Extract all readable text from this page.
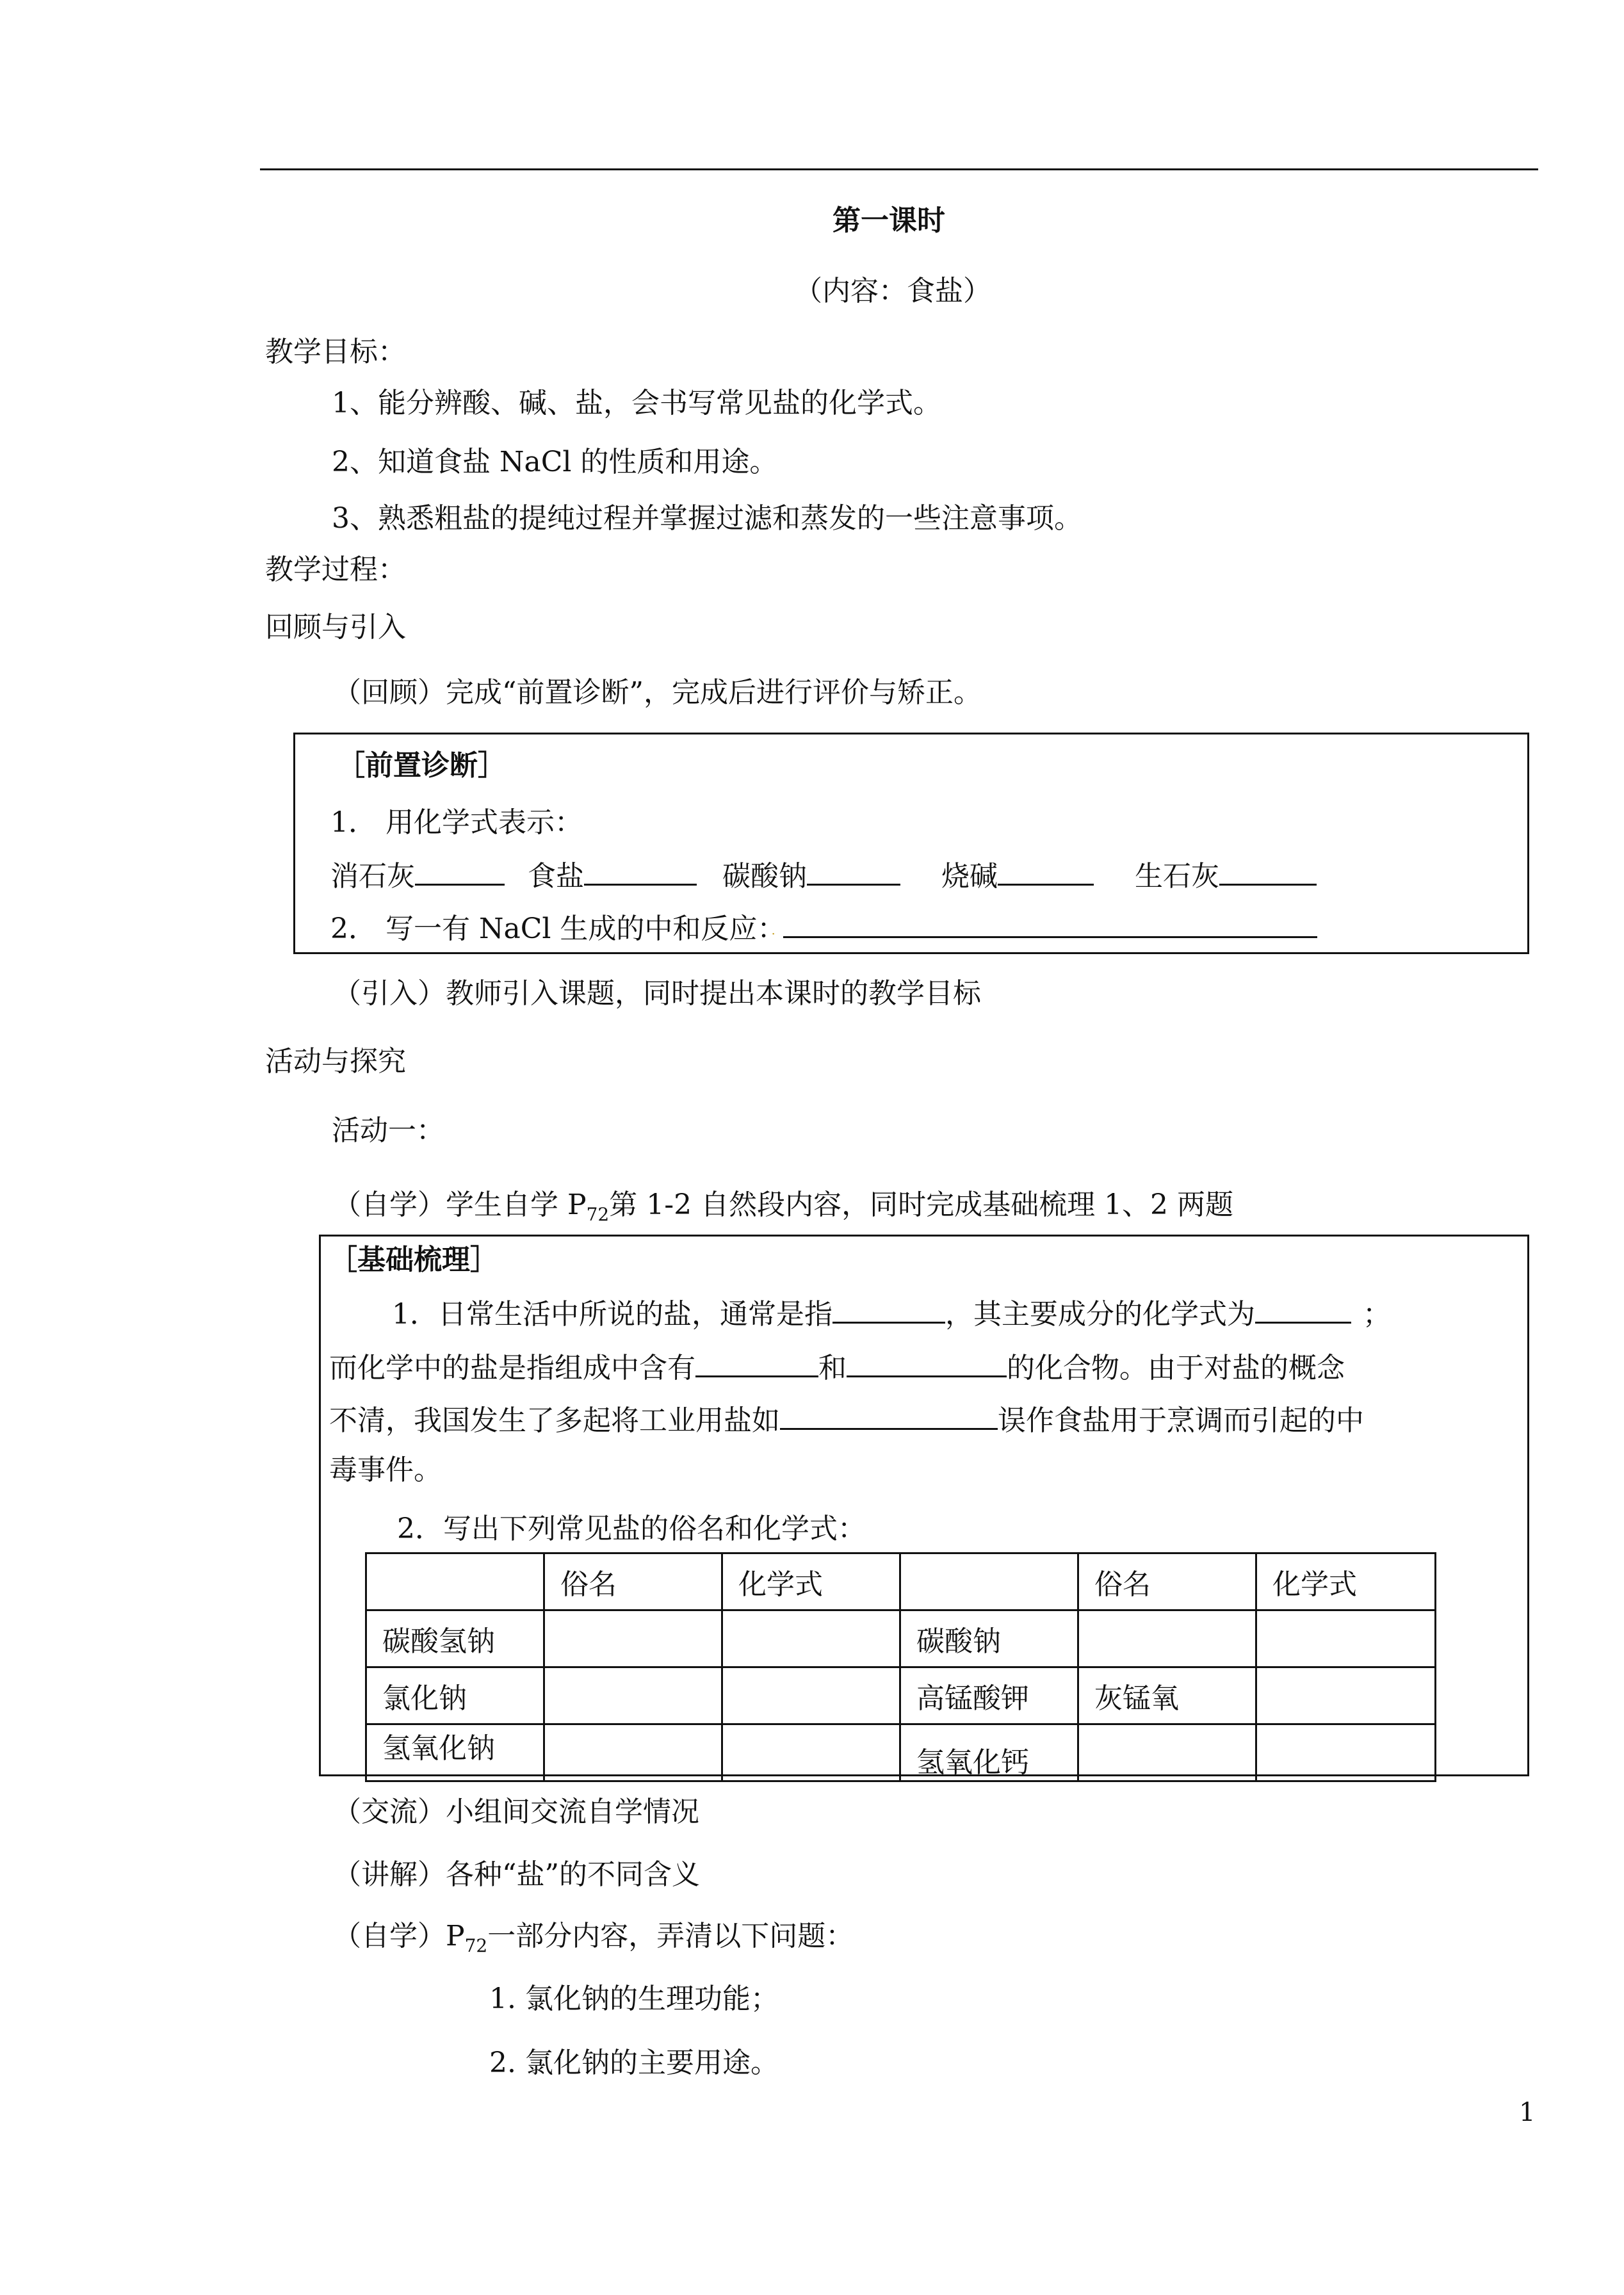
第一课时
（内容：食盐）
教学目标：
1、能分辨酸、碱、盐，会书写常见盐的化学式。
2、知道食盐 NaCl 的性质和用途。
3、熟悉粗盐的提纯过程并掌握过滤和蒸发的一些注意事项。
教学过程：
回顾与引入
（回顾）完成“前置诊断”，完成后进行评价与矫正。
［前置诊断］
1． 用化学式表示：
消石灰	食盐	碳酸钠	烧碱	生石灰
2． 写一有 NaCl 生成的中和反应：·
（引入）教师引入课题，同时提出本课时的教学目标
活动与探究
活动一：
（自学）学生自学 $P_{72}$第 1-2 自然段内容，同时完成基础梳理 1、2 两题
［基础梳理］
1．日常生活中所说的盐，通常是指	，其主要成分的化学式为	；
而化学中的盐是指组成中含有	和	的化合物。由于对盐的概念
不清，我国发生了多起将工业用盐如	误作食盐用于烹调而引起的中
毒事件。
2．写出下列常见盐的俗名和化学式：
	俗名	化学式		俗名	化学式
碳酸氢钠			碳酸钠		
氯化钠			高锰酸钾	灰锰氧	
氢氧化钠			氢氧化钙		
（交流）小组间交流自学情况
（讲解）各种“盐”的不同含义
（自学）$P_{72}$一部分内容，弄清以下问题：
1. 氯化钠的生理功能；
2. 氯化钠的主要用途。
1
